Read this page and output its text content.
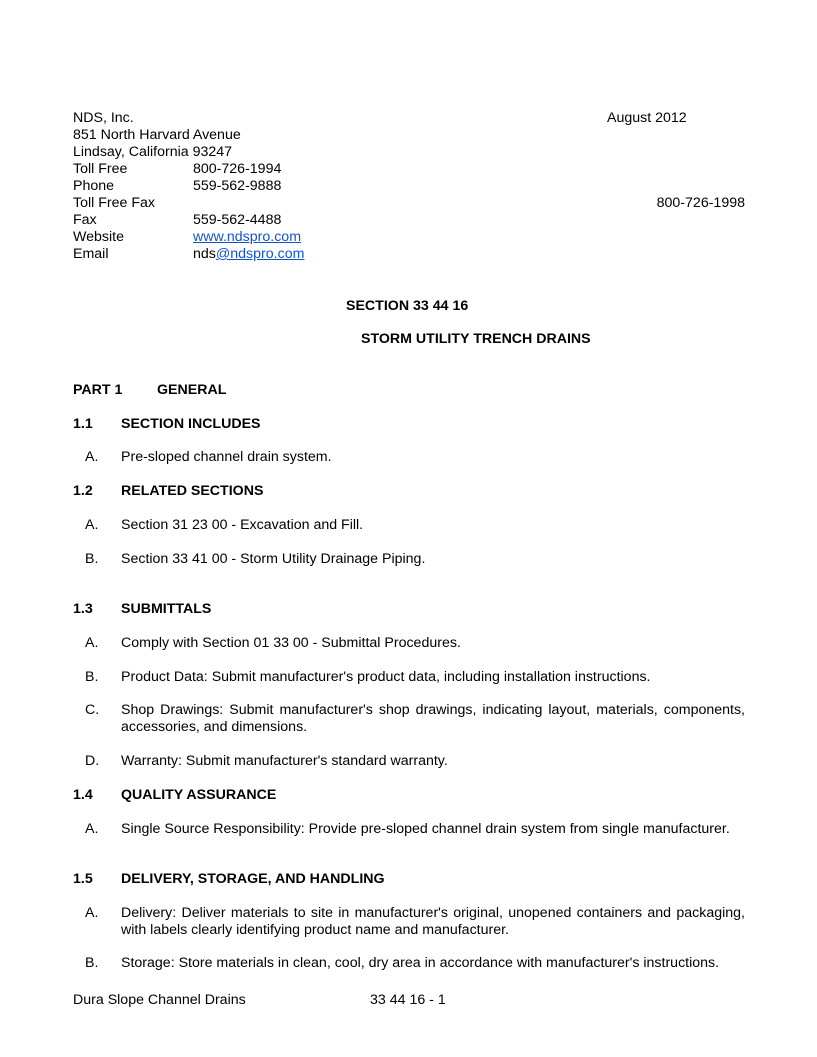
NDS, Inc.	August 2012
851 North Harvard Avenue
Lindsay, California 93247
Toll Free	800-726-1994
Phone	559-562-9888
Toll Free Fax	800-726-1998
Fax	559-562-4488
Website	www.ndspro.com
Email	nds@ndspro.com
SECTION 33 44 16
STORM UTILITY TRENCH DRAINS
PART 1 GENERAL
1.1 SECTION INCLUDES
A. Pre-sloped channel drain system.
1.2 RELATED SECTIONS
A. Section 31 23 00 - Excavation and Fill.
B. Section 33 41 00 - Storm Utility Drainage Piping.
1.3 SUBMITTALS
A. Comply with Section 01 33 00 - Submittal Procedures.
B. Product Data: Submit manufacturer's product data, including installation instructions.
C. Shop Drawings: Submit manufacturer's shop drawings, indicating layout, materials, components, accessories, and dimensions.
D. Warranty: Submit manufacturer's standard warranty.
1.4 QUALITY ASSURANCE
A. Single Source Responsibility: Provide pre-sloped channel drain system from single manufacturer.
1.5 DELIVERY, STORAGE, AND HANDLING
A. Delivery: Deliver materials to site in manufacturer's original, unopened containers and packaging, with labels clearly identifying product name and manufacturer.
B. Storage: Store materials in clean, cool, dry area in accordance with manufacturer's instructions.
Dura Slope Channel Drains	33 44 16 - 1
